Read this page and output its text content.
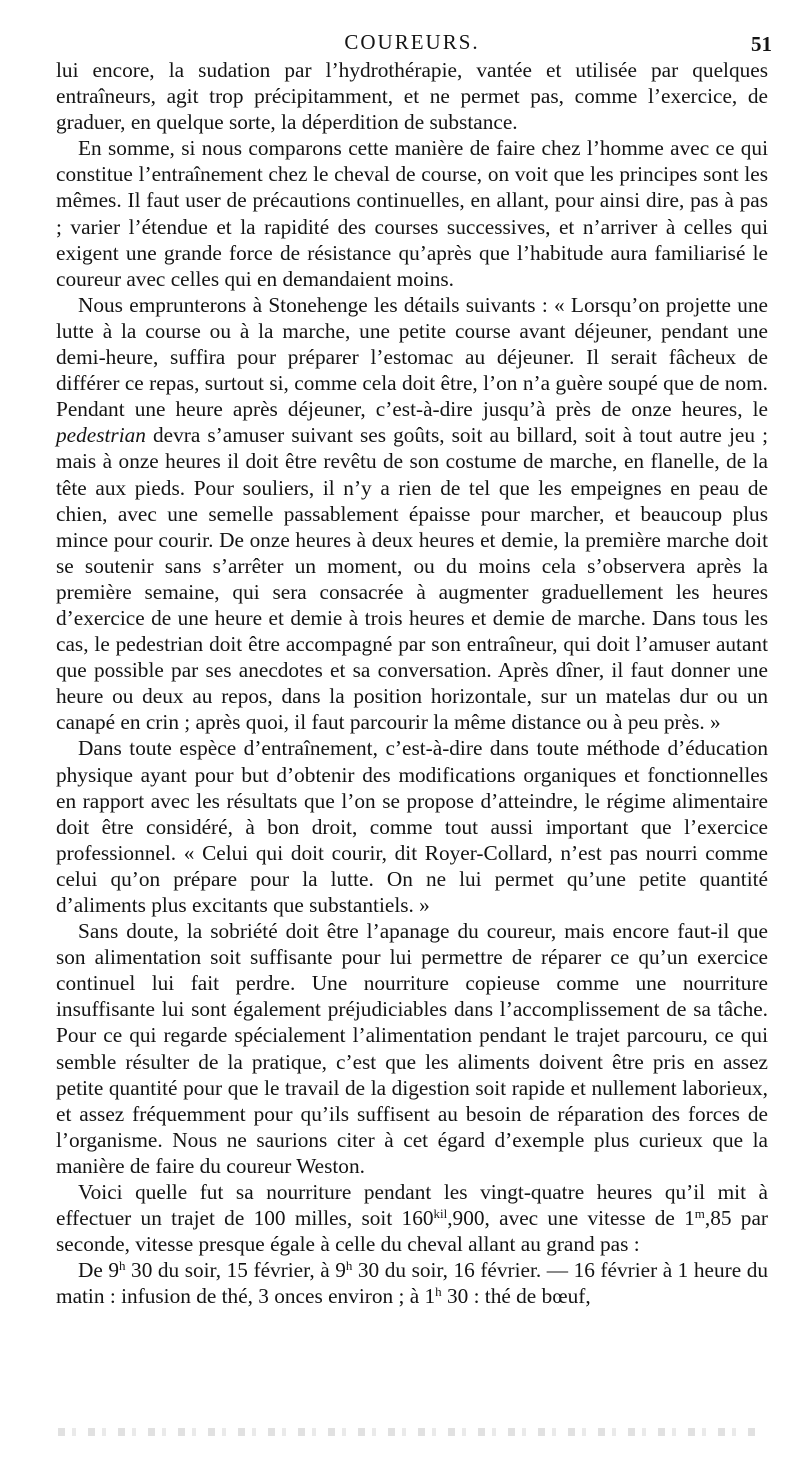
COUREURS.	51

lui encore, la sudation par l’hydrothérapie, vantée et utilisée par quelques entraîneurs, agit trop précipitamment, et ne permet pas, comme l’exercice, de graduer, en quelque sorte, la déperdition de substance.

En somme, si nous comparons cette manière de faire chez l’homme avec ce qui constitue l’entraînement chez le cheval de course, on voit que les principes sont les mêmes. Il faut user de précautions continuelles, en allant, pour ainsi dire, pas à pas ; varier l’étendue et la rapidité des courses successives, et n’arriver à celles qui exigent une grande force de résistance qu’après que l’habitude aura familiarisé le coureur avec celles qui en demandaient moins.

Nous emprunterons à Stonehenge les détails suivants : « Lorsqu’on projette une lutte à la course ou à la marche, une petite course avant déjeuner, pendant une demi-heure, suffira pour préparer l’estomac au déjeuner. Il serait fâcheux de différer ce repas, surtout si, comme cela doit être, l’on n’a guère soupé que de nom. Pendant une heure après déjeuner, c’est-à-dire jusqu’à près de onze heures, le pedestrian devra s’amuser suivant ses goûts, soit au billard, soit à tout autre jeu ; mais à onze heures il doit être revêtu de son costume de marche, en flanelle, de la tête aux pieds. Pour souliers, il n’y a rien de tel que les empeignes en peau de chien, avec une semelle passablement épaisse pour marcher, et beaucoup plus mince pour courir. De onze heures à deux heures et demie, la première marche doit se soutenir sans s’arrêter un moment, ou du moins cela s’observera après la première semaine, qui sera consacrée à augmenter graduellement les heures d’exercice de une heure et demie à trois heures et demie de marche. Dans tous les cas, le pedestrian doit être accompagné par son entraîneur, qui doit l’amuser autant que possible par ses anecdotes et sa conversation. Après dîner, il faut donner une heure ou deux au repos, dans la position horizontale, sur un matelas dur ou un canapé en crin ; après quoi, il faut parcourir la même distance ou à peu près. »

Dans toute espèce d’entraînement, c’est-à-dire dans toute méthode d’éducation physique ayant pour but d’obtenir des modifications organiques et fonctionnelles en rapport avec les résultats que l’on se propose d’atteindre, le régime alimentaire doit être considéré, à bon droit, comme tout aussi important que l’exercice professionnel. « Celui qui doit courir, dit Royer-Collard, n’est pas nourri comme celui qu’on prépare pour la lutte. On ne lui permet qu’une petite quantité d’aliments plus excitants que substantiels. »

Sans doute, la sobriété doit être l’apanage du coureur, mais encore faut-il que son alimentation soit suffisante pour lui permettre de réparer ce qu’un exercice continuel lui fait perdre. Une nourriture copieuse comme une nourriture insuffisante lui sont également préjudiciables dans l’accomplissement de sa tâche. Pour ce qui regarde spécialement l’alimentation pendant le trajet parcouru, ce qui semble résulter de la pratique, c’est que les aliments doivent être pris en assez petite quantité pour que le travail de la digestion soit rapide et nullement laborieux, et assez fréquemment pour qu’ils suffisent au besoin de réparation des forces de l’organisme. Nous ne saurions citer à cet égard d’exemple plus curieux que la manière de faire du coureur Weston.

Voici quelle fut sa nourriture pendant les vingt-quatre heures qu’il mit à effectuer un trajet de 100 milles, soit $160^{kil},900$, avec une vitesse de 1$^m$,85 par seconde, vitesse presque égale à celle du cheval allant au grand pas :

De 9$^h$ 30 du soir, 15 février, à 9$^h$ 30 du soir, 16 février. — 16 février à 1 heure du matin : infusion de thé, 3 onces environ ; à 1$^h$ 30 : thé de bœuf,
